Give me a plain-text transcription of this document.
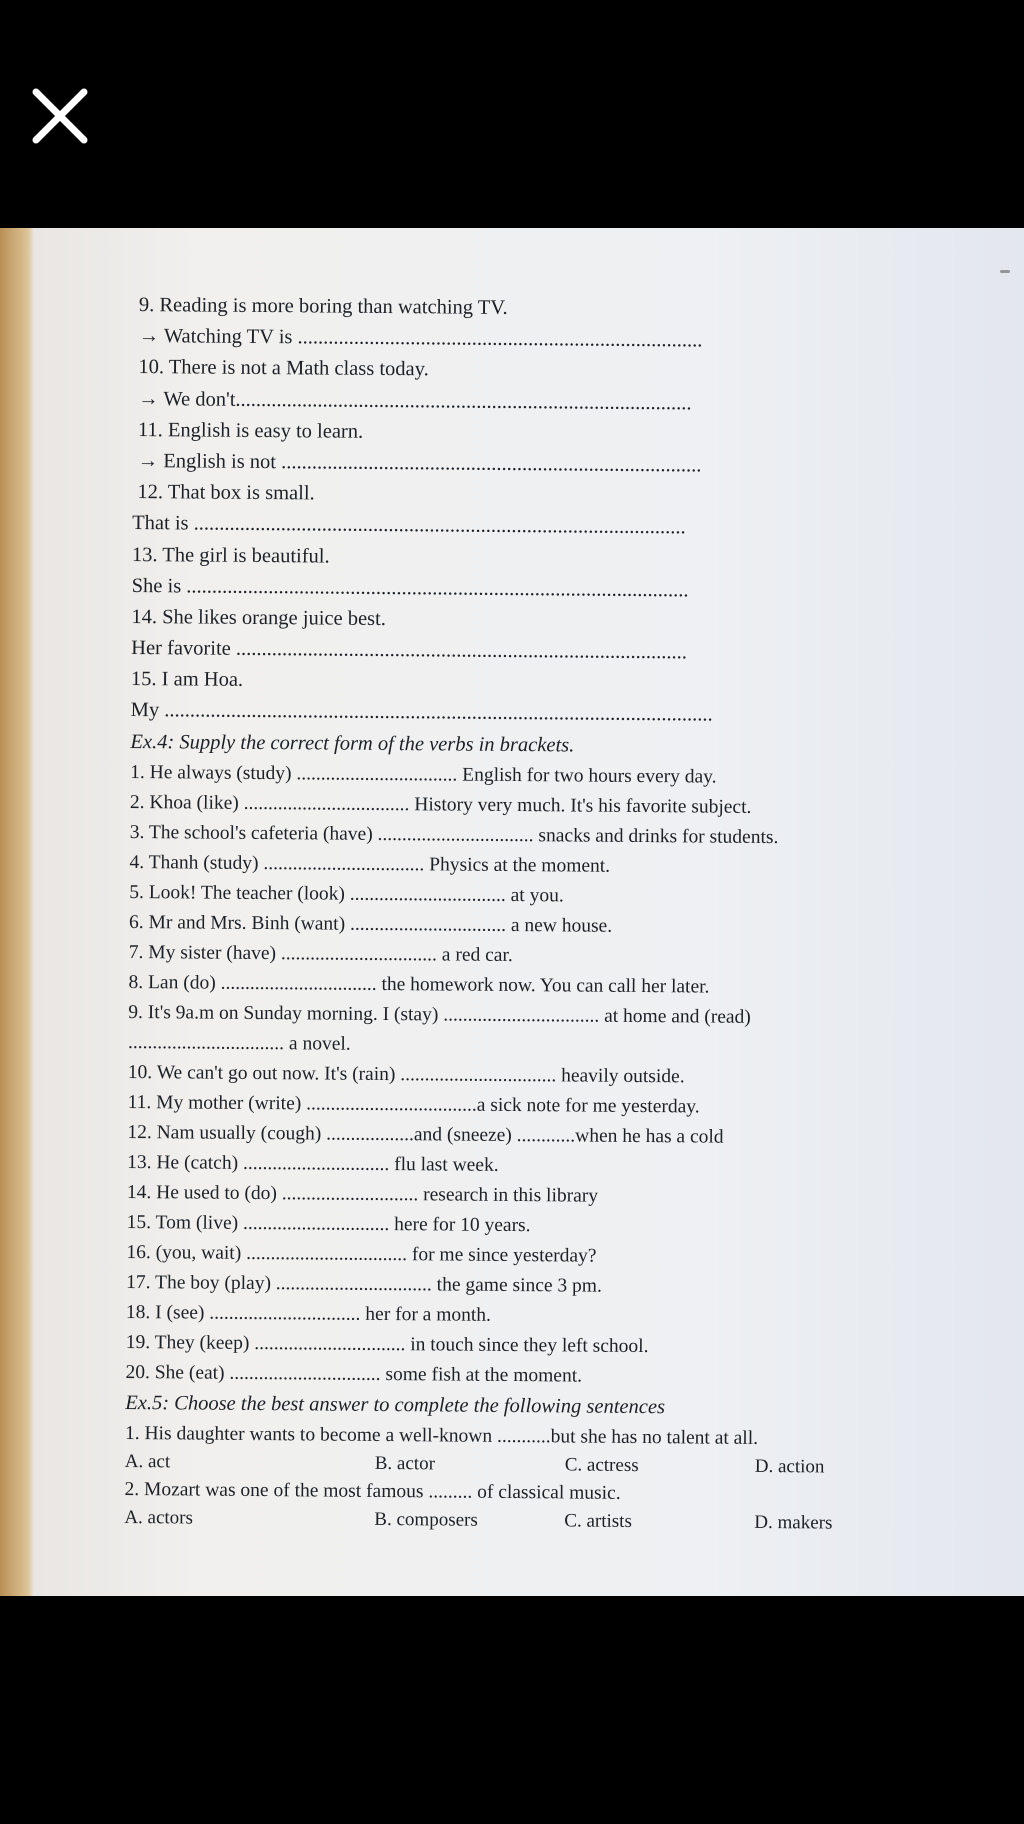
9. Reading is more boring than watching TV.
→ Watching TV is ...............................................................................
10. There is not a Math class today.
→ We don't.........................................................................................
11. English is easy to learn.
→ English is not ..................................................................................
12. That box is small.
That is ................................................................................................
13. The girl is beautiful.
She is ..................................................................................................
14. She likes orange juice best.
Her favorite ........................................................................................
15. I am Hoa.
My ...........................................................................................................
Ex.4: Supply the correct form of the verbs in brackets.
1. He always (study) ................................. English for two hours every day.
2. Khoa (like) .................................. History very much. It's his favorite subject.
3. The school's cafeteria (have) ................................ snacks and drinks for students.
4. Thanh (study) ................................. Physics at the moment.
5. Look! The teacher (look) ................................ at you.
6. Mr and Mrs. Binh (want) ................................ a new house.
7. My sister (have) ................................ a red car.
8. Lan (do) ................................ the homework now. You can call her later.
9. It's 9a.m on Sunday morning. I (stay) ................................ at home and (read)
................................ a novel.
10. We can't go out now. It's (rain) ................................ heavily outside.
11. My mother (write) ...................................a sick note for me yesterday.
12. Nam usually (cough) ..................and (sneeze) ............when he has a cold
13. He (catch) .............................. flu last week.
14. He used to (do) ............................ research in this library
15. Tom (live) .............................. here for 10 years.
16. (you, wait) ................................. for me since yesterday?
17. The boy (play) ................................ the game since 3 pm.
18. I (see) ............................... her for a month.
19. They (keep) ............................... in touch since they left school.
20. She (eat) ............................... some fish at the moment.
Ex.5: Choose the best answer to complete the following sentences
1. His daughter wants to become a well-known ...........but she has no talent at all.
A. act	B. actor	C. actress	D. action
2. Mozart was one of the most famous ......... of classical music.
A. actors	B. composers	C. artists	D. makers
